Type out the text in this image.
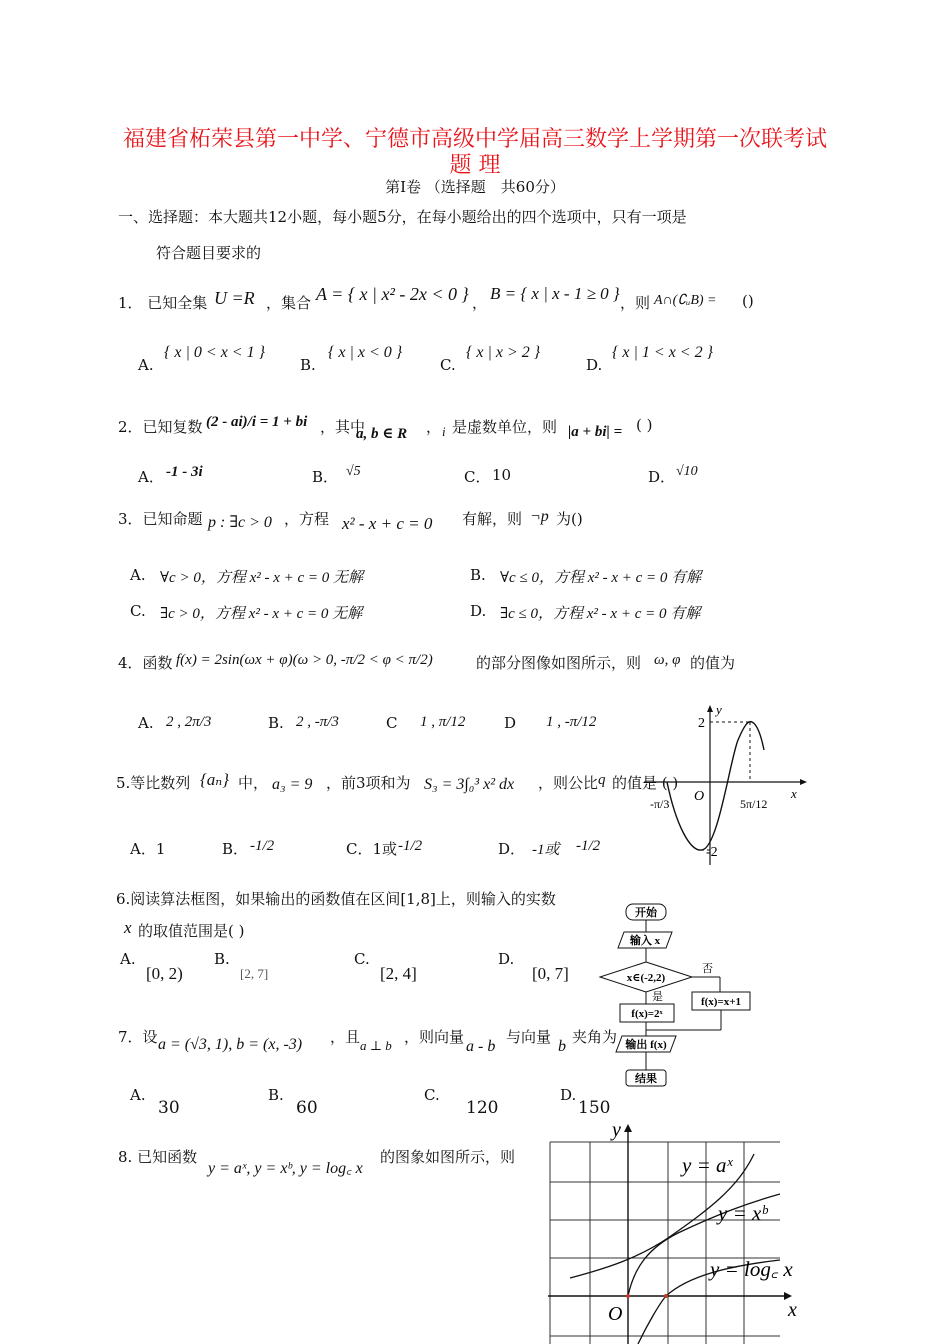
福建省柘荣县第一中学、宁德市高级中学届高三数学上学期第一次联考试
题 理
第Ⅰ卷 （选择题　共60分）
一、选择题：本大题共12小题，每小题5分，在每小题给出的四个选项中，只有一项是
符合题目要求的
1． 已知全集 U =R ，集合 A = { x | x² - 2x < 0 } ， B = { x | x - 1 ≥ 0 } ，则 A∩(∁ᵤB) = ()
A.
{ x | 0 < x < 1 }
B.
{ x | x < 0 }
C.
{ x | x > 2 }
D.
{ x | 1 < x < 2 }
2．已知复数 (2 - ai)/i = 1 + bi ，其中
a, b ∈ R ， i 是虚数单位，则 |a + bi| = ( )
A． -1 - 3i	B． √5	C． 10	D． √10
3．已知命题 p : ∃c > 0 ，方程 x² - x + c = 0 有解，则 ¬p 为()
A. ∀c > 0，方程 x² - x + c = 0 无解	B. ∀c ≤ 0，方程 x² - x + c = 0 有解
C. ∃c > 0，方程 x² - x + c = 0 无解	D. ∃c ≤ 0，方程 x² - x + c = 0 有解
4．函数 f(x) = 2sin(ωx + φ)(ω > 0, -π/2 < φ < π/2)	的部分图像如图所示，则 ω, φ 的值为
A. 2 , 2π/3	B. 2 , -π/3	C 1 , π/12	D 1 , -π/12
5.等比数列 {aₙ} 中， a₃ = 9 ，前3项和为 S₃ = 3∫₀³ x² dx ，则公比 q 的值是 ( )
A．1	B． -1/2	C．1或 -1/2	D． -1或 -1/2
6.阅读算法框图，如果输出的函数值在区间[1,8]上，则输入的实数
x 的取值范围是( )
A.
[0, 2)
B.
[2, 7]
C.
[2, 4]
D.
[0, 7]
7．设 a = (√3, 1), b = (x, -3) ，且 a ⊥ b ，则向量
a - b
与向量
b
夹角为
A.
30
B.
60
C.
120
D.
150
8. 已知函数
y = aˣ, y = xᵇ, y = log꜀ x
的图象如图所示，则
y
x
O
2
-2
-π/3	5π/12
开始
输入 x
x∈(-2,2)
否
f(x)=x+1
是
f(x)=2ˣ
输出 f(x)
结果
y
x
O
y = aˣ
y = xᵇ
y = log꜀ x
